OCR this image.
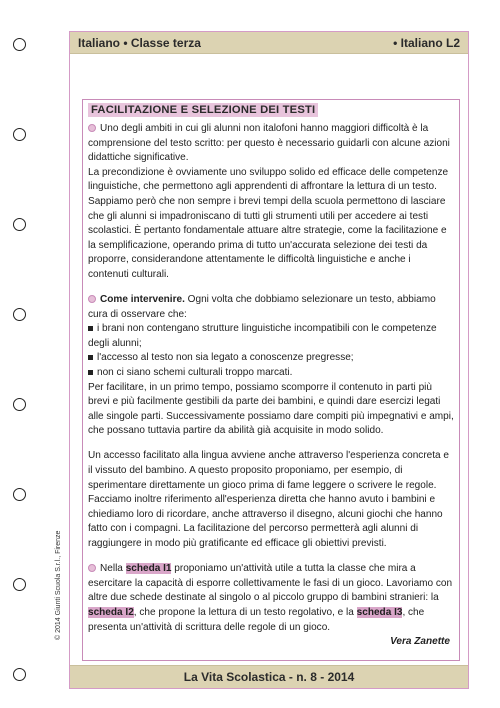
© 2014 Giunti Scuola S.r.l., Firenze
Italiano • Classe terza	• Italiano L2
FACILITAZIONE E SELEZIONE DEI TESTI

Uno degli ambiti in cui gli alunni non italofoni hanno maggiori difficoltà è la comprensione del testo scritto: per questo è necessario guidarli con alcune azioni didattiche significative.

La precondizione è ovviamente uno sviluppo solido ed efficace delle competenze linguistiche, che permettono agli apprendenti di affrontare la lettura di un testo. Sappiamo però che non sempre i brevi tempi della scuola permettono di lasciare che gli alunni si impadroniscano di tutti gli strumenti utili per accedere ai testi scolastici. È pertanto fondamentale attuare altre strategie, come la facilitazione e la semplificazione, operando prima di tutto un'accurata selezione dei testi da proporre, considerandone attentamente le difficoltà linguistiche e anche i contenuti culturali.

Come intervenire. Ogni volta che dobbiamo selezionare un testo, abbiamo cura di osservare che:

i brani non contengano strutture linguistiche incompatibili con le competenze degli alunni;

l'accesso al testo non sia legato a conoscenze pregresse;

non ci siano schemi culturali troppo marcati.

Per facilitare, in un primo tempo, possiamo scomporre il contenuto in parti più brevi e più facilmente gestibili da parte dei bambini, e quindi dare esercizi legati alle singole parti. Successivamente possiamo dare compiti più impegnativi e ampi, che possano tuttavia partire da abilità già acquisite in modo solido.

Un accesso facilitato alla lingua avviene anche attraverso l'esperienza concreta e il vissuto del bambino. A questo proposito proponiamo, per esempio, di sperimentare direttamente un gioco prima di fame leggere o scrivere le regole. Facciamo inoltre riferimento all'esperienza diretta che hanno avuto i bambini e chiediamo loro di ricordare, anche attraverso il disegno, alcuni giochi che hanno fatto con i compagni. La facilitazione del percorso permetterà agli alunni di raggiungere in modo più gratificante ed efficace gli obiettivi previsti.

Nella scheda I1 proponiamo un'attività utile a tutta la classe che mira a esercitare la capacità di esporre collettivamente le fasi di un gioco. Lavoriamo con altre due schede destinate al singolo o al piccolo gruppo di bambini stranieri: la scheda I2, che propone la lettura di un testo regolativo, e la scheda I3, che presenta un'attività di scrittura delle regole di un gioco.

Vera Zanette

La Vita Scolastica - n. 8 - 2014
